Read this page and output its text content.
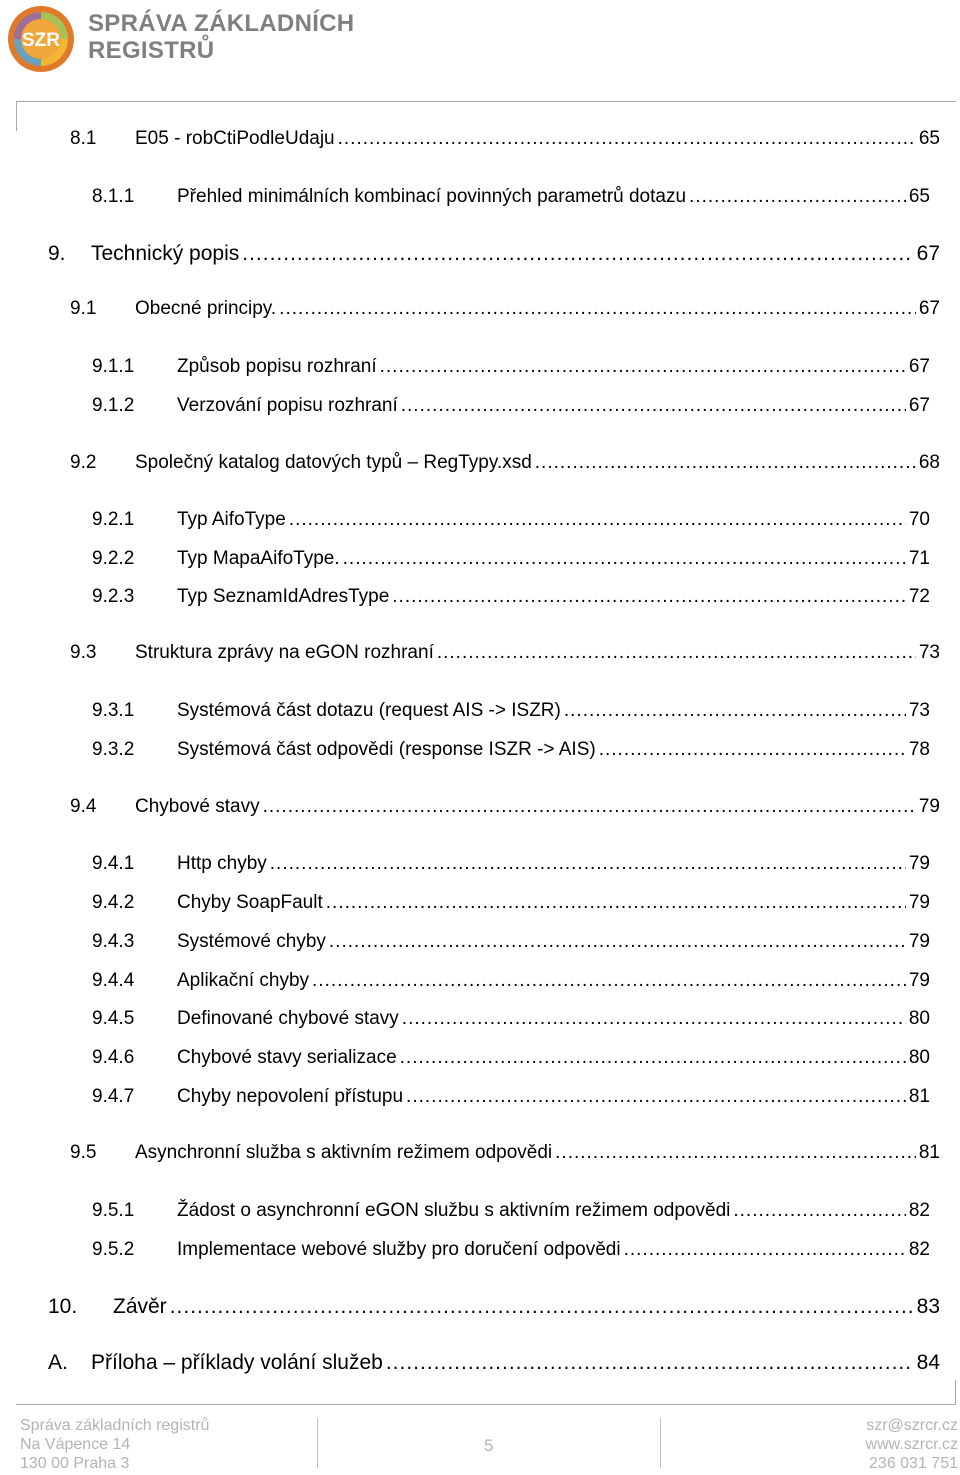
SZR
SPRÁVA ZÁKLADNÍCH
REGISTRŮ
8.1	E05 - robCtiPodleUdaju .....	65
8.1.1	Přehled minimálních kombinací povinných parametrů dotazu .....	65
9.	Technický popis .....	67
9.1	Obecné principy. .....	67
9.1.1	Způsob popisu rozhraní .....	67
9.1.2	Verzování popisu rozhraní .....	67
9.2	Společný katalog datových typů – RegTypy.xsd .....	68
9.2.1	Typ AifoType .....	70
9.2.2	Typ MapaAifoType. .....	71
9.2.3	Typ SeznamIdAdresType .....	72
9.3	Struktura zprávy na eGON rozhraní .....	73
9.3.1	Systémová část dotazu (request AIS -> ISZR) .....	73
9.3.2	Systémová část odpovědi (response ISZR -> AIS) .....	78
9.4	Chybové stavy .....	79
9.4.1	Http chyby .....	79
9.4.2	Chyby SoapFault .....	79
9.4.3	Systémové chyby .....	79
9.4.4	Aplikační chyby .....	79
9.4.5	Definované chybové stavy .....	80
9.4.6	Chybové stavy serializace .....	80
9.4.7	Chyby nepovolení přístupu .....	81
9.5	Asynchronní služba s aktivním režimem odpovědi .....	81
9.5.1	Žádost o asynchronní eGON službu s aktivním režimem odpovědi .....	82
9.5.2	Implementace webové služby pro doručení odpovědi .....	82
10.	Závěr .....	83
A.	Příloha – příklady volání služeb .....	84
Správa základních registrů
Na Vápence 14
130 00 Praha 3
5
szr@szrcr.cz
www.szrcr.cz
236 031 751
